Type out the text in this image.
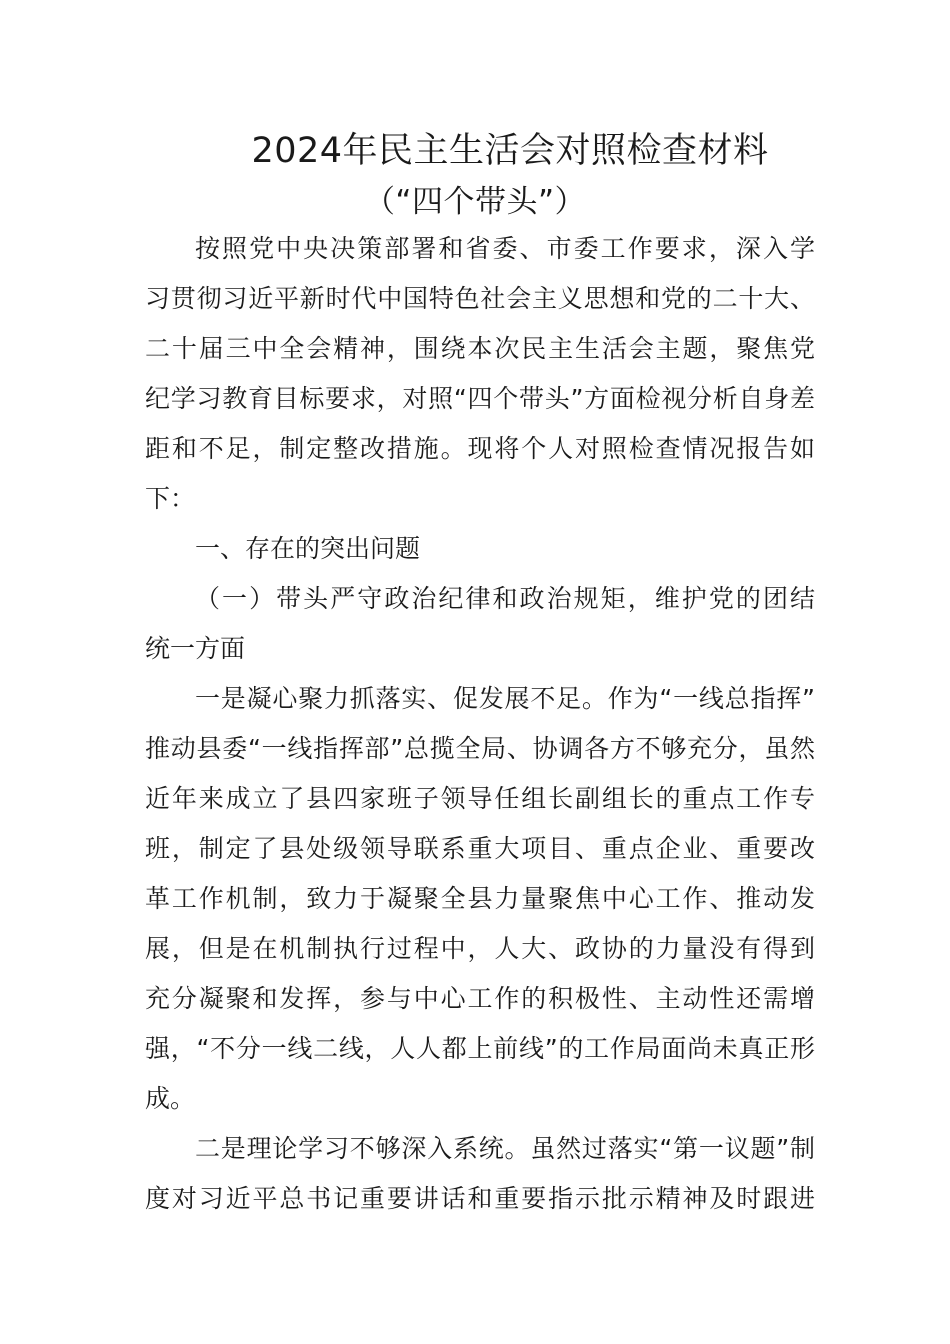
2024年民主生活会对照检查材料
（“四个带头”）
按照党中央决策部署和省委、市委工作要求，深入学
习贯彻习近平新时代中国特色社会主义思想和党的二十大、
二十届三中全会精神，围绕本次民主生活会主题，聚焦党
纪学习教育目标要求，对照“四个带头”方面检视分析自身差
距和不足，制定整改措施。现将个人对照检查情况报告如
下：
一、存在的突出问题
（一）带头严守政治纪律和政治规矩，维护党的团结
统一方面
一是凝心聚力抓落实、促发展不足。作为“一线总指挥”
推动县委“一线指挥部”总揽全局、协调各方不够充分，虽然
近年来成立了县四家班子领导任组长副组长的重点工作专
班，制定了县处级领导联系重大项目、重点企业、重要改
革工作机制，致力于凝聚全县力量聚焦中心工作、推动发
展，但是在机制执行过程中，人大、政协的力量没有得到
充分凝聚和发挥，参与中心工作的积极性、主动性还需增
强，“不分一线二线，人人都上前线”的工作局面尚未真正形
成。
二是理论学习不够深入系统。虽然过落实“第一议题”制
度对习近平总书记重要讲话和重要指示批示精神及时跟进
